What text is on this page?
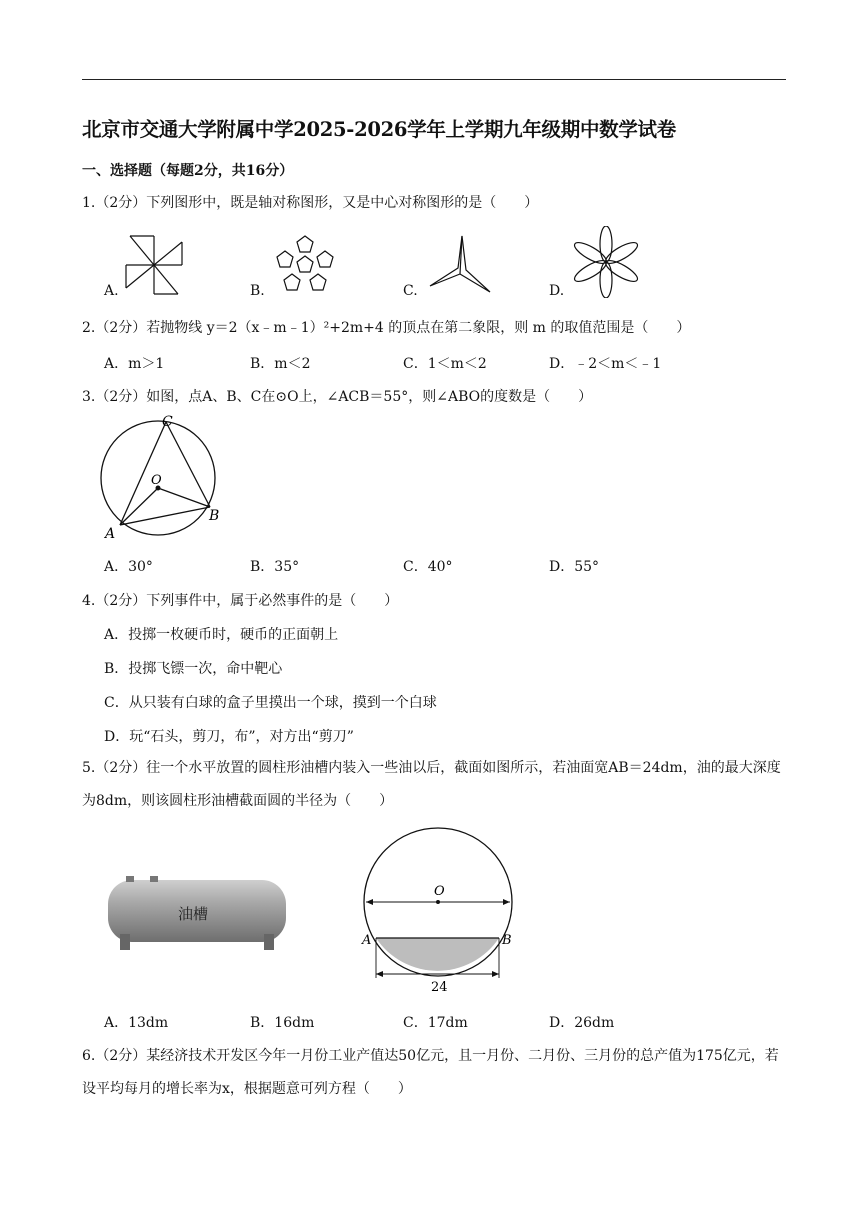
北京市交通大学附属中学2025-2026学年上学期九年级期中数学试卷
一、选择题（每题2分，共16分）
1.（2分）下列图形中，既是轴对称图形，又是中心对称图形的是（　　）
A.	B.	C.	D.
2.（2分）若抛物线 y＝2（x﹣m﹣1）²+2m+4 的顶点在第二象限，则 m 的取值范围是（　　）
A．m＞1	B．m＜2	C．1＜m＜2	D．﹣2＜m＜﹣1
3.（2分）如图，点A、B、C在⊙O上，∠ACB＝55°，则∠ABO的度数是（　　）
C
O
A
B
A．30°	B．35°	C．40°	D．55°
4.（2分）下列事件中，属于必然事件的是（　　）
A．投掷一枚硬币时，硬币的正面朝上
B．投掷飞镖一次，命中靶心
C．从只装有白球的盒子里摸出一个球，摸到一个白球
D．玩“石头，剪刀，布”，对方出“剪刀”
5.（2分）往一个水平放置的圆柱形油槽内装入一些油以后，截面如图所示，若油面宽AB＝24dm，油的最大深度为8dm，则该圆柱形油槽截面圆的半径为（　　）
油槽
O
A	B
24
A．13dm	B．16dm	C．17dm	D．26dm
6.（2分）某经济技术开发区今年一月份工业产值达50亿元，且一月份、二月份、三月份的总产值为175亿元，若设平均每月的增长率为x，根据题意可列方程（　　）
